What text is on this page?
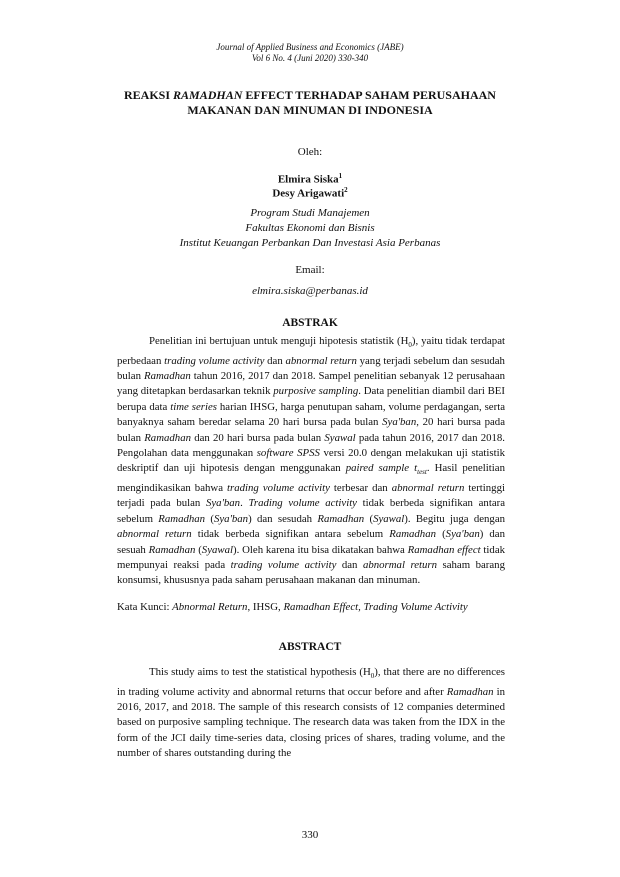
Journal of Applied Business and Economics (JABE)
Vol 6 No. 4 (Juni 2020) 330-340
REAKSI RAMADHAN EFFECT TERHADAP SAHAM PERUSAHAAN
MAKANAN DAN MINUMAN DI INDONESIA
Oleh:
Elmira Siska$^1$
Desy Arigawati$^2$
Program Studi Manajemen
Fakultas Ekonomi dan Bisnis
Institut Keuangan Perbankan Dan Investasi Asia Perbanas
Email:
elmira.siska@perbanas.id
ABSTRAK

Penelitian ini bertujuan untuk menguji hipotesis statistik $(H_0)$, yaitu tidak terdapat perbedaan trading volume activity dan abnormal return yang terjadi sebelum dan sesudah bulan Ramadhan tahun 2016, 2017 dan 2018. Sampel penelitian sebanyak 12 perusahaan yang ditetapkan berdasarkan teknik purposive sampling. Data penelitian diambil dari BEI berupa data time series harian IHSG, harga penutupan saham, volume perdagangan, serta banyaknya saham beredar selama 20 hari bursa pada bulan Sya'ban, 20 hari bursa pada bulan Ramadhan dan 20 hari bursa pada bulan Syawal pada tahun 2016, 2017 dan 2018. Pengolahan data menggunakan software SPSS versi 20.0 dengan melakukan uji statistik deskriptif dan uji hipotesis dengan menggunakan paired sample $t_{test}$. Hasil penelitian mengindikasikan bahwa trading volume activity terbesar dan abnormal return tertinggi terjadi pada bulan Sya'ban. Trading volume activity tidak berbeda signifikan antara sebelum Ramadhan (Sya'ban) dan sesudah Ramadhan (Syawal). Begitu juga dengan abnormal return tidak berbeda signifikan antara sebelum Ramadhan (Sya'ban) dan sesuah Ramadhan (Syawal). Oleh karena itu bisa dikatakan bahwa Ramadhan effect tidak mempunyai reaksi pada trading volume activity dan abnormal return saham barang konsumsi, khususnya pada saham perusahaan makanan dan minuman.

Kata Kunci: Abnormal Return, IHSG, Ramadhan Effect, Trading Volume Activity
ABSTRACT

This study aims to test the statistical hypothesis $(H_0)$, that there are no differences in trading volume activity and abnormal returns that occur before and after Ramadhan in 2016, 2017, and 2018. The sample of this research consists of 12 companies determined based on purposive sampling technique. The research data was taken from the IDX in the form of the JCI daily time-series data, closing prices of shares, trading volume, and the number of shares outstanding during the

330
